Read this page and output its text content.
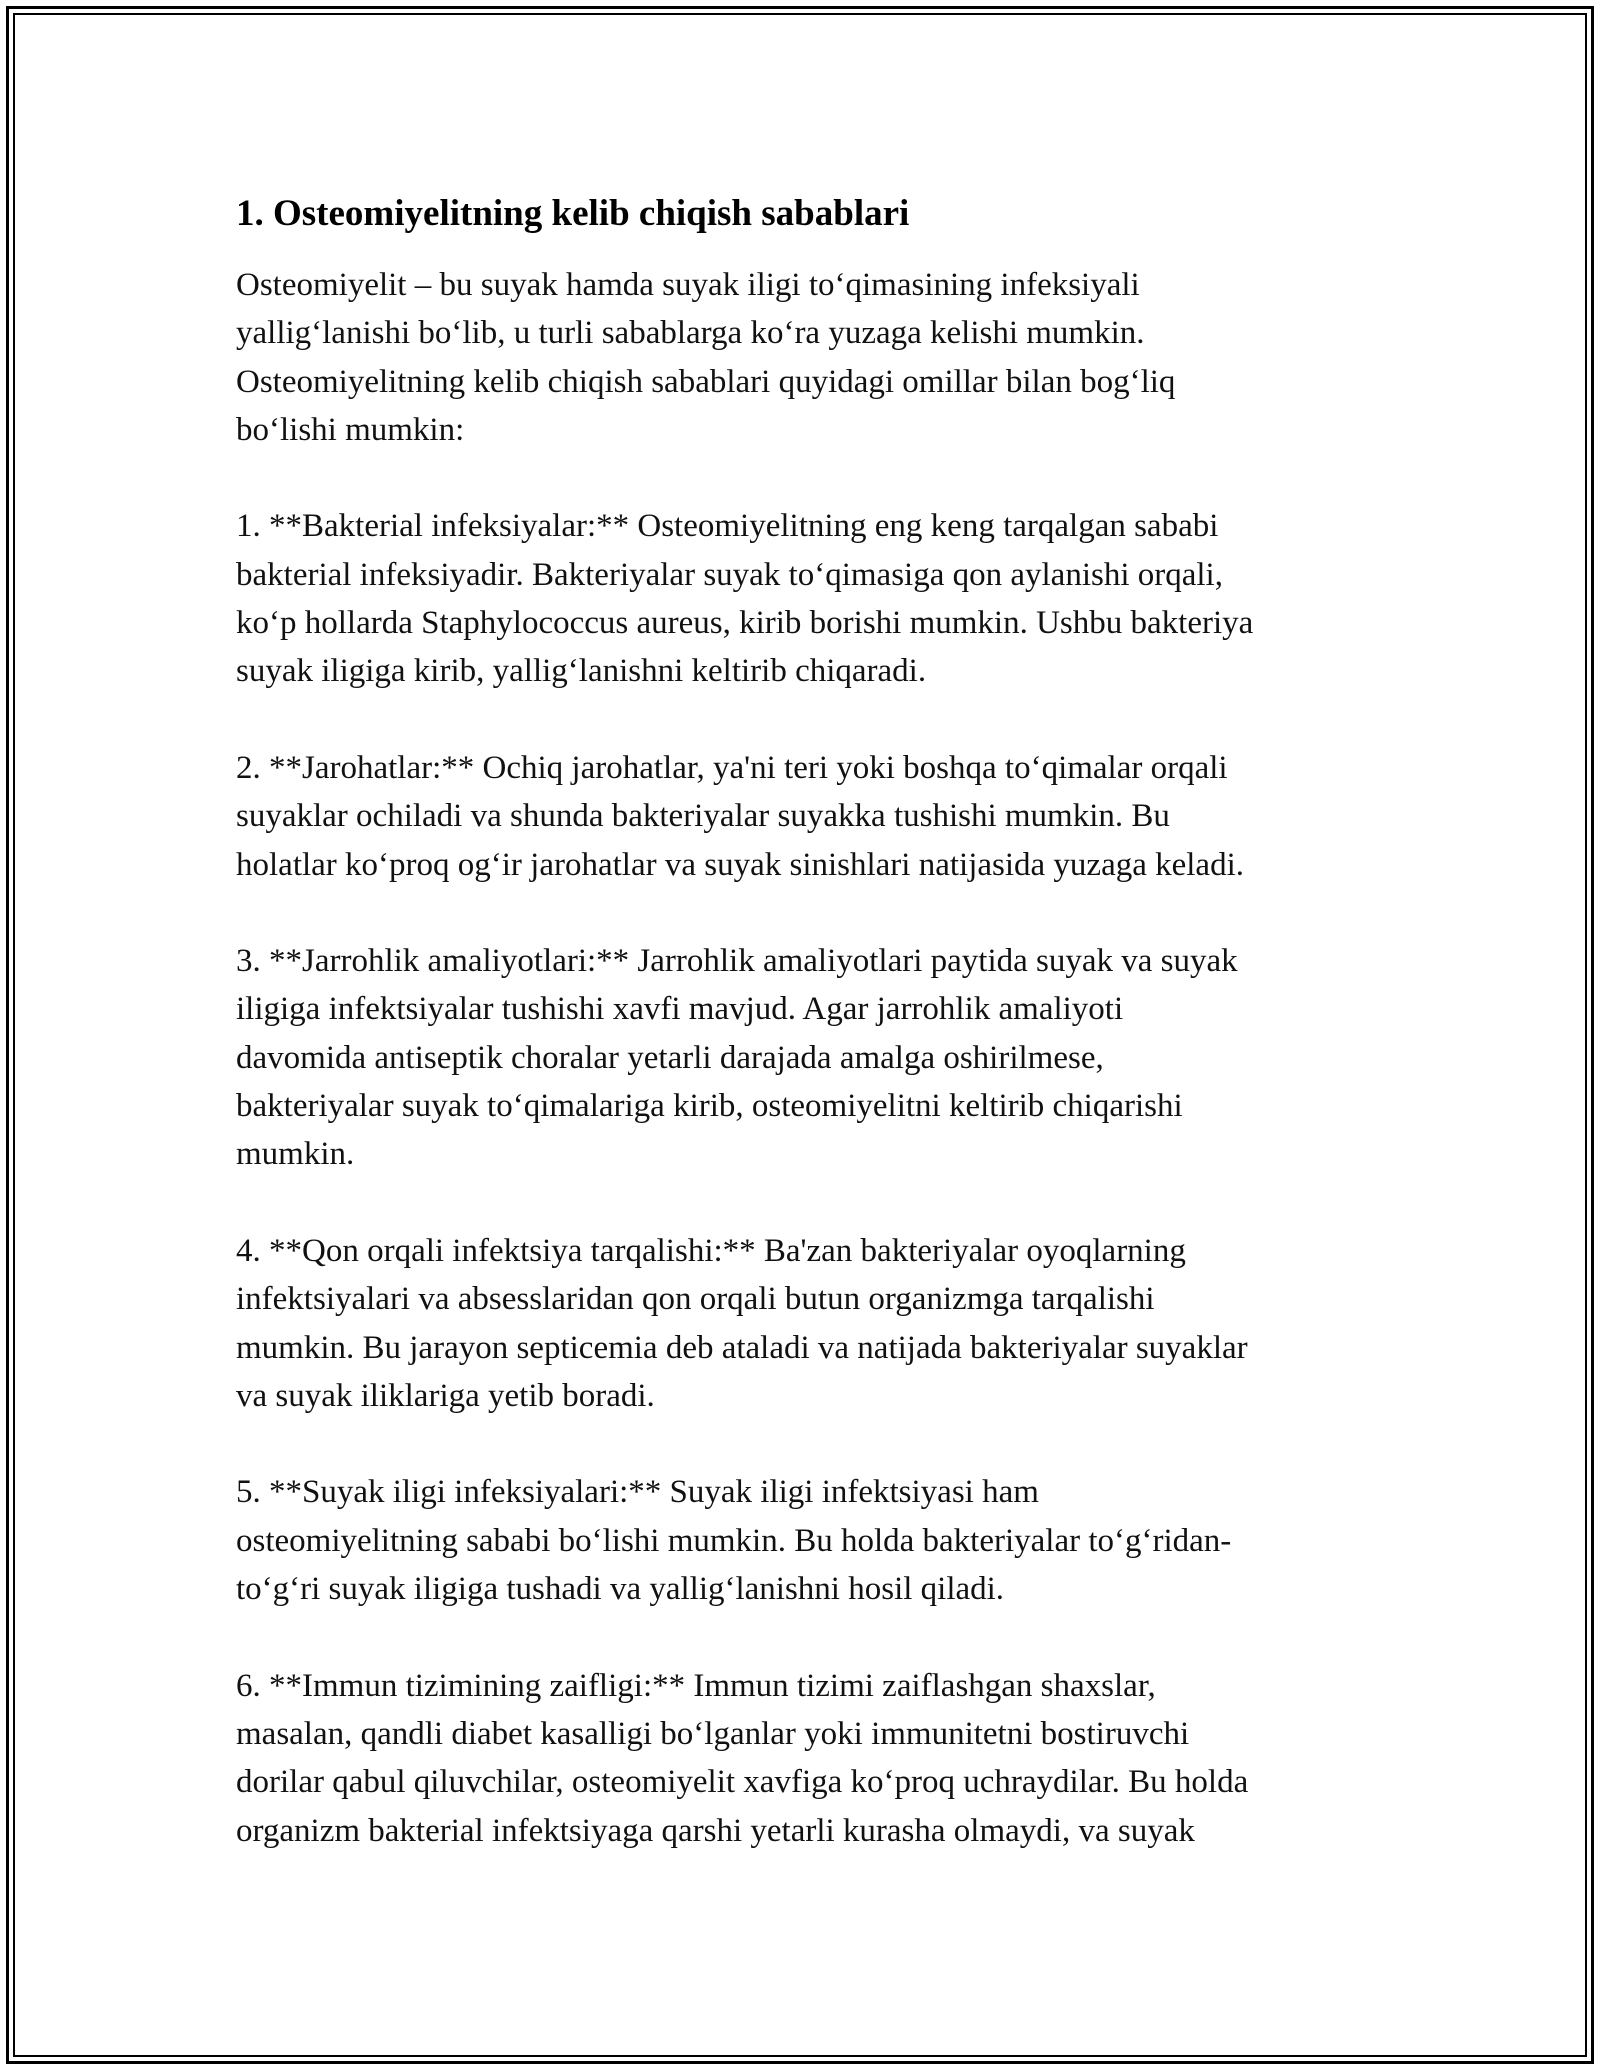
1. Osteomiyelitning kelib chiqish sabablari

Osteomiyelit – bu suyak hamda suyak iligi to‘qimasining infeksiyali
yallig‘lanishi bo‘lib, u turli sabablarga ko‘ra yuzaga kelishi mumkin.
Osteomiyelitning kelib chiqish sabablari quyidagi omillar bilan bog‘liq
bo‘lishi mumkin:

1. **Bakterial infeksiyalar:** Osteomiyelitning eng keng tarqalgan sababi
bakterial infeksiyadir. Bakteriyalar suyak to‘qimasiga qon aylanishi orqali,
ko‘p hollarda Staphylococcus aureus, kirib borishi mumkin. Ushbu bakteriya
suyak iligiga kirib, yallig‘lanishni keltirib chiqaradi.

2. **Jarohatlar:** Ochiq jarohatlar, ya'ni teri yoki boshqa to‘qimalar orqali
suyaklar ochiladi va shunda bakteriyalar suyakka tushishi mumkin. Bu
holatlar ko‘proq og‘ir jarohatlar va suyak sinishlari natijasida yuzaga keladi.

3. **Jarrohlik amaliyotlari:** Jarrohlik amaliyotlari paytida suyak va suyak
iligiga infektsiyalar tushishi xavfi mavjud. Agar jarrohlik amaliyoti
davomida antiseptik choralar yetarli darajada amalga oshirilmese,
bakteriyalar suyak to‘qimalariga kirib, osteomiyelitni keltirib chiqarishi
mumkin.

4. **Qon orqali infektsiya tarqalishi:** Ba'zan bakteriyalar oyoqlarning
infektsiyalari va absesslaridan qon orqali butun organizmga tarqalishi
mumkin. Bu jarayon septicemia deb ataladi va natijada bakteriyalar suyaklar
va suyak iliklariga yetib boradi.

5. **Suyak iligi infeksiyalari:** Suyak iligi infektsiyasi ham
osteomiyelitning sababi bo‘lishi mumkin. Bu holda bakteriyalar to‘g‘ridan-
to‘g‘ri suyak iligiga tushadi va yallig‘lanishni hosil qiladi.

6. **Immun tizimining zaifligi:** Immun tizimi zaiflashgan shaxslar,
masalan, qandli diabet kasalligi bo‘lganlar yoki immunitetni bostiruvchi
dorilar qabul qiluvchilar, osteomiyelit xavfiga ko‘proq uchraydilar. Bu holda
organizm bakterial infektsiyaga qarshi yetarli kurasha olmaydi, va suyak
